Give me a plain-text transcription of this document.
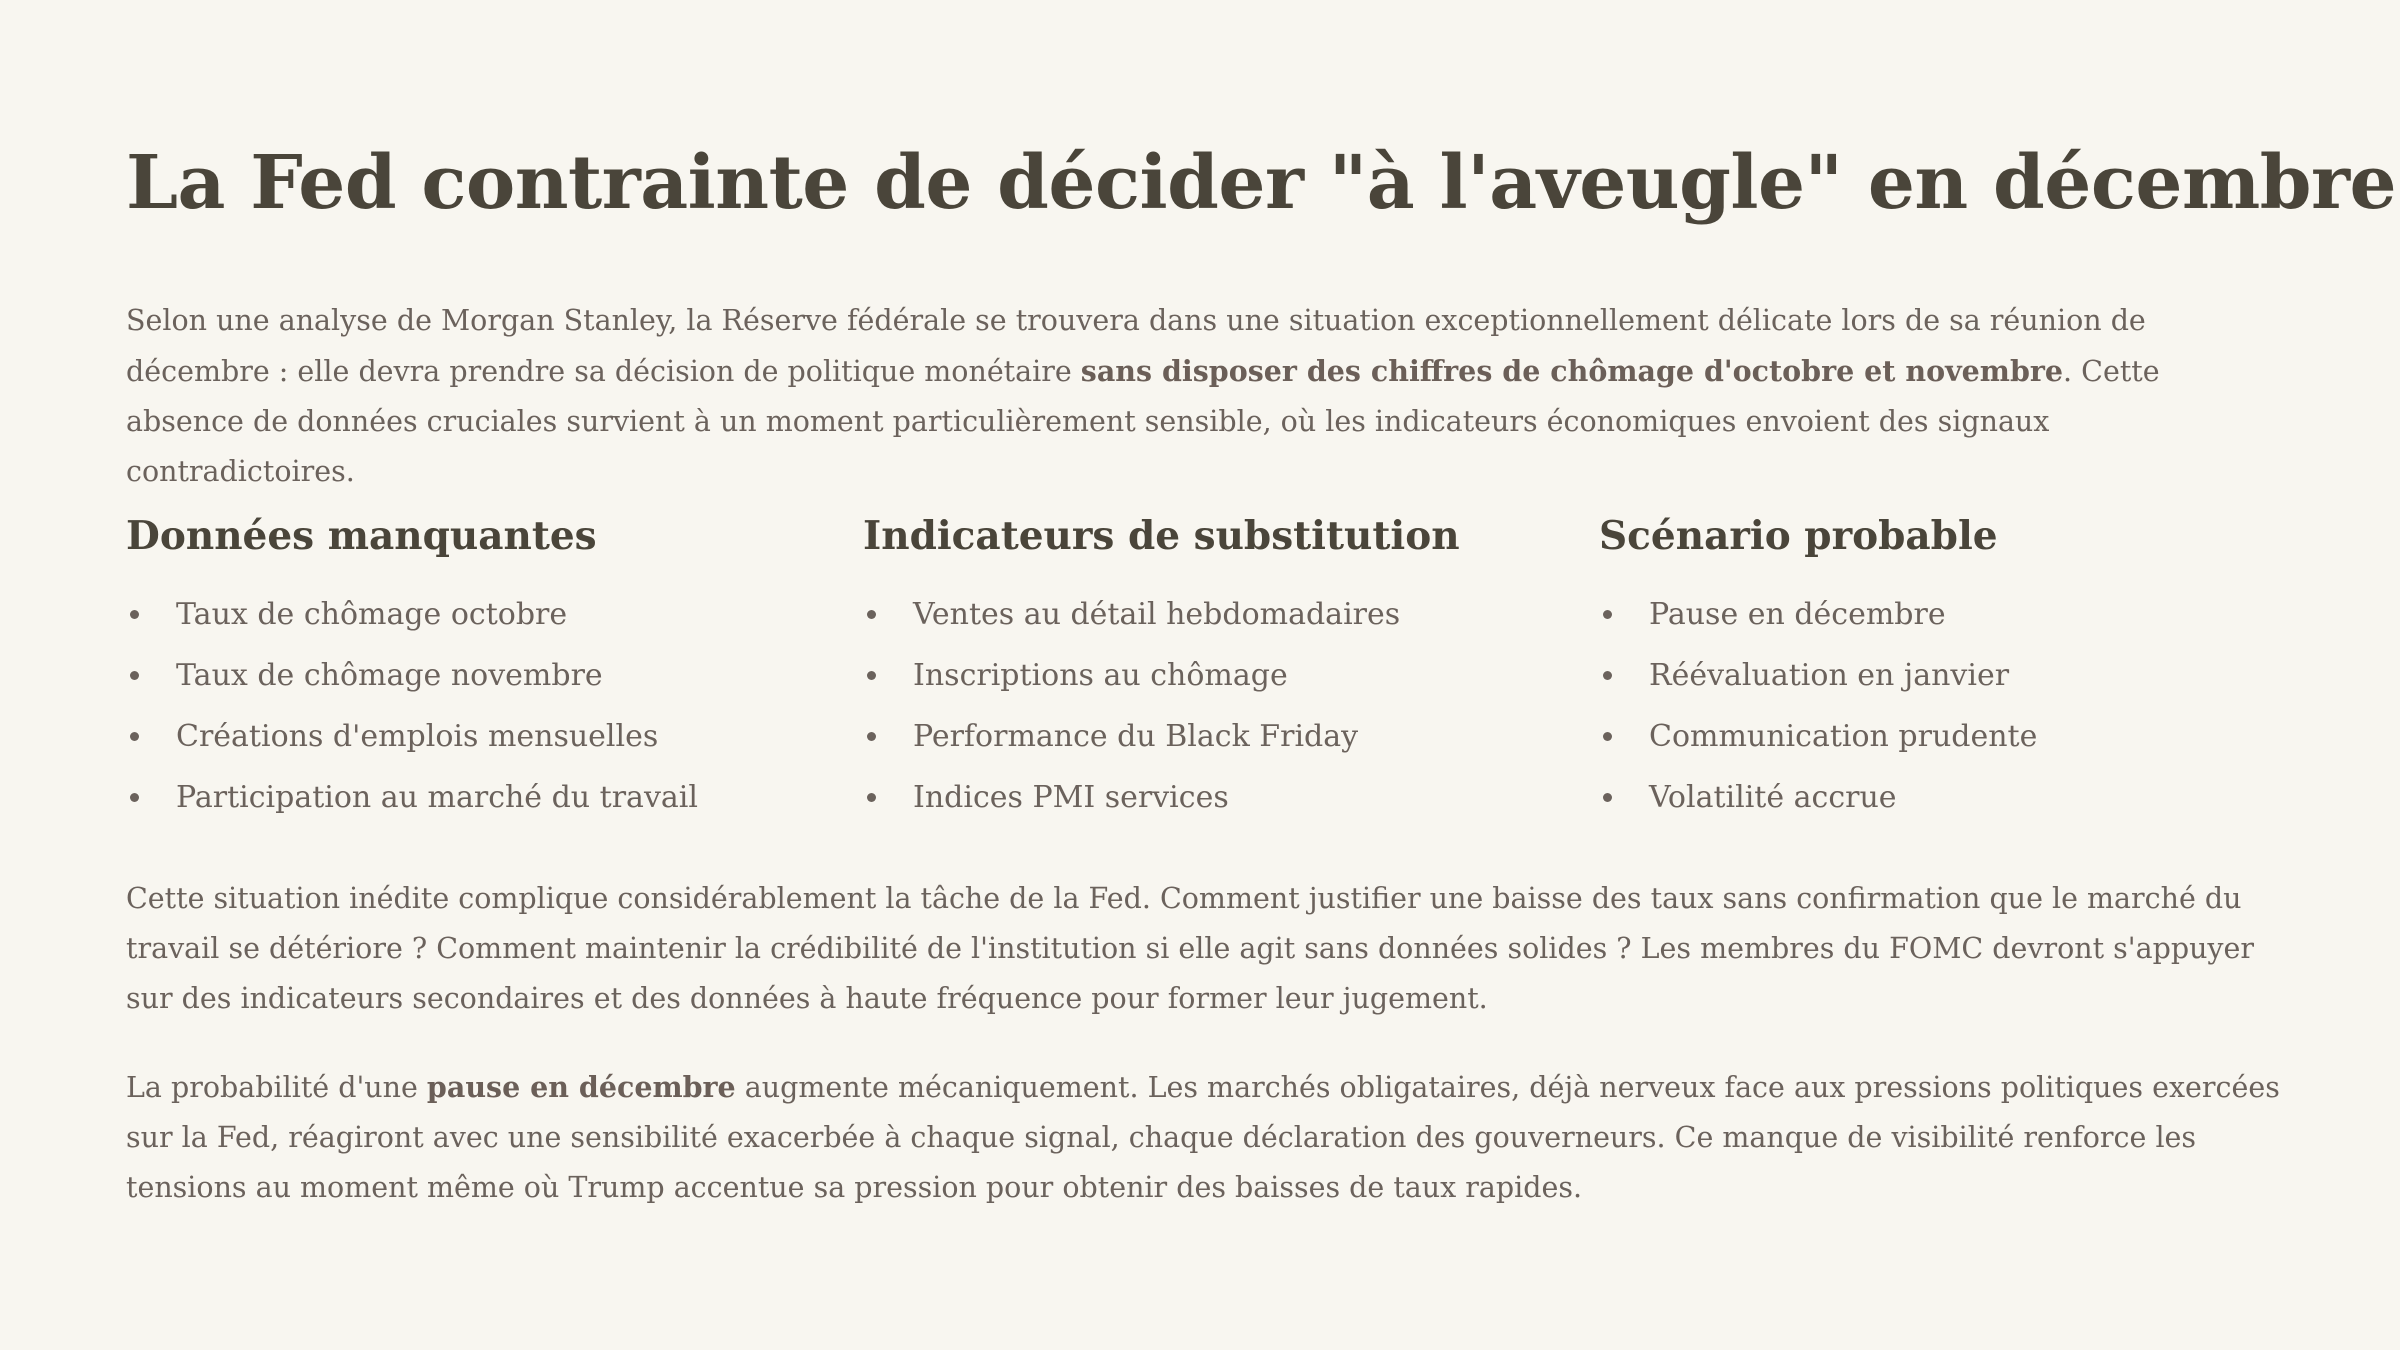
La Fed contrainte de décider "à l'aveugle" en décembre

Selon une analyse de Morgan Stanley, la Réserve fédérale se trouvera dans une situation exceptionnellement délicate lors de sa réunion de décembre : elle devra prendre sa décision de politique monétaire sans disposer des chiffres de chômage d'octobre et novembre. Cette absence de données cruciales survient à un moment particulièrement sensible, où les indicateurs économiques envoient des signaux contradictoires.

Données manquantes
Taux de chômage octobre
Taux de chômage novembre
Créations d'emplois mensuelles
Participation au marché du travail
Indicateurs de substitution
Ventes au détail hebdomadaires
Inscriptions au chômage
Performance du Black Friday
Indices PMI services
Scénario probable
Pause en décembre
Réévaluation en janvier
Communication prudente
Volatilité accrue

Cette situation inédite complique considérablement la tâche de la Fed. Comment justifier une baisse des taux sans confirmation que le marché du travail se détériore ? Comment maintenir la crédibilité de l'institution si elle agit sans données solides ? Les membres du FOMC devront s'appuyer sur des indicateurs secondaires et des données à haute fréquence pour former leur jugement.

La probabilité d'une pause en décembre augmente mécaniquement. Les marchés obligataires, déjà nerveux face aux pressions politiques exercées sur la Fed, réagiront avec une sensibilité exacerbée à chaque signal, chaque déclaration des gouverneurs. Ce manque de visibilité renforce les tensions au moment même où Trump accentue sa pression pour obtenir des baisses de taux rapides.
